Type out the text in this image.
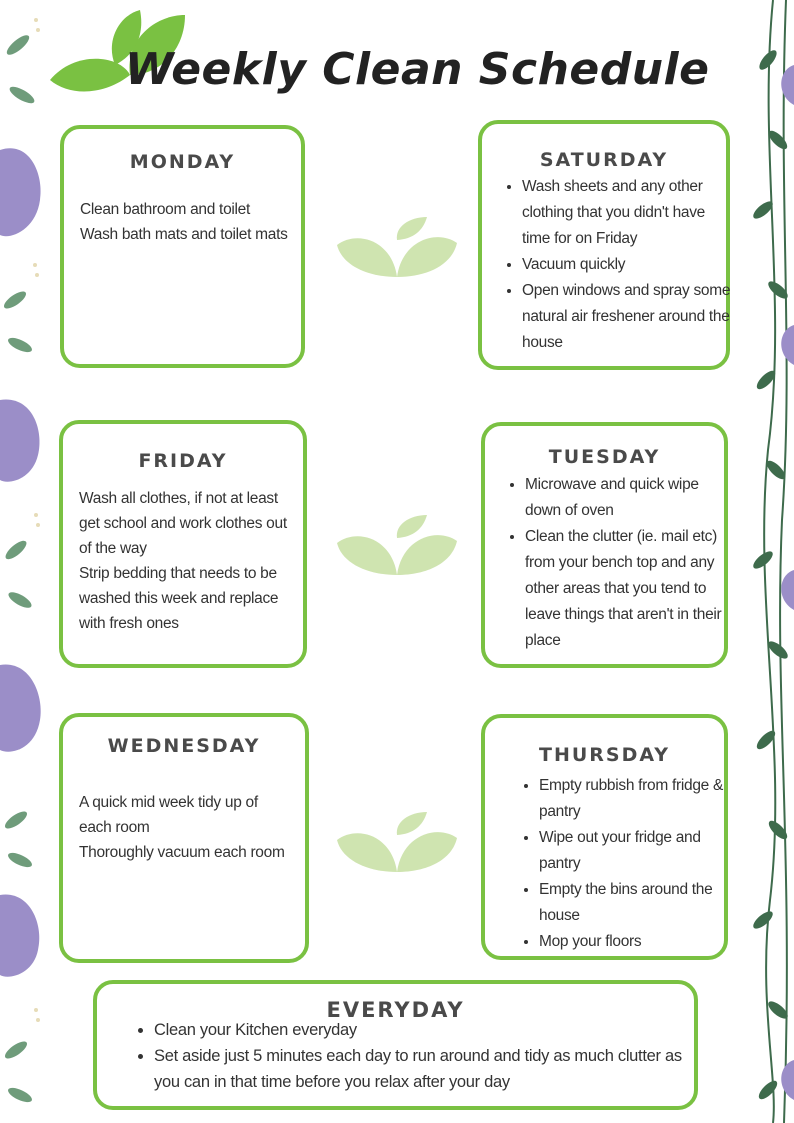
Weekly Clean Schedule
MONDAY
Clean bathroom and toilet
Wash bath mats and toilet mats
SATURDAY
• Wash sheets and any other clothing that you didn't have time for on Friday
• Vacuum quickly
• Open windows and spray some natural air freshener around the house
FRIDAY
Wash all clothes, if not at least get school and work clothes out of the way
Strip bedding that needs to be washed this week and replace with fresh ones
TUESDAY
• Microwave and quick wipe down of oven
• Clean the clutter (ie. mail etc) from your bench top and any other areas that you tend to leave things that aren't in their place
WEDNESDAY
A quick mid week tidy up of each room
Thoroughly vacuum each room
THURSDAY
• Empty rubbish from fridge & pantry
• Wipe out your fridge and pantry
• Empty the bins around the house
• Mop your floors
EVERYDAY
• Clean your Kitchen everyday
• Set aside just 5 minutes each day to run around and tidy as much clutter as you can in that time before you relax after your day
